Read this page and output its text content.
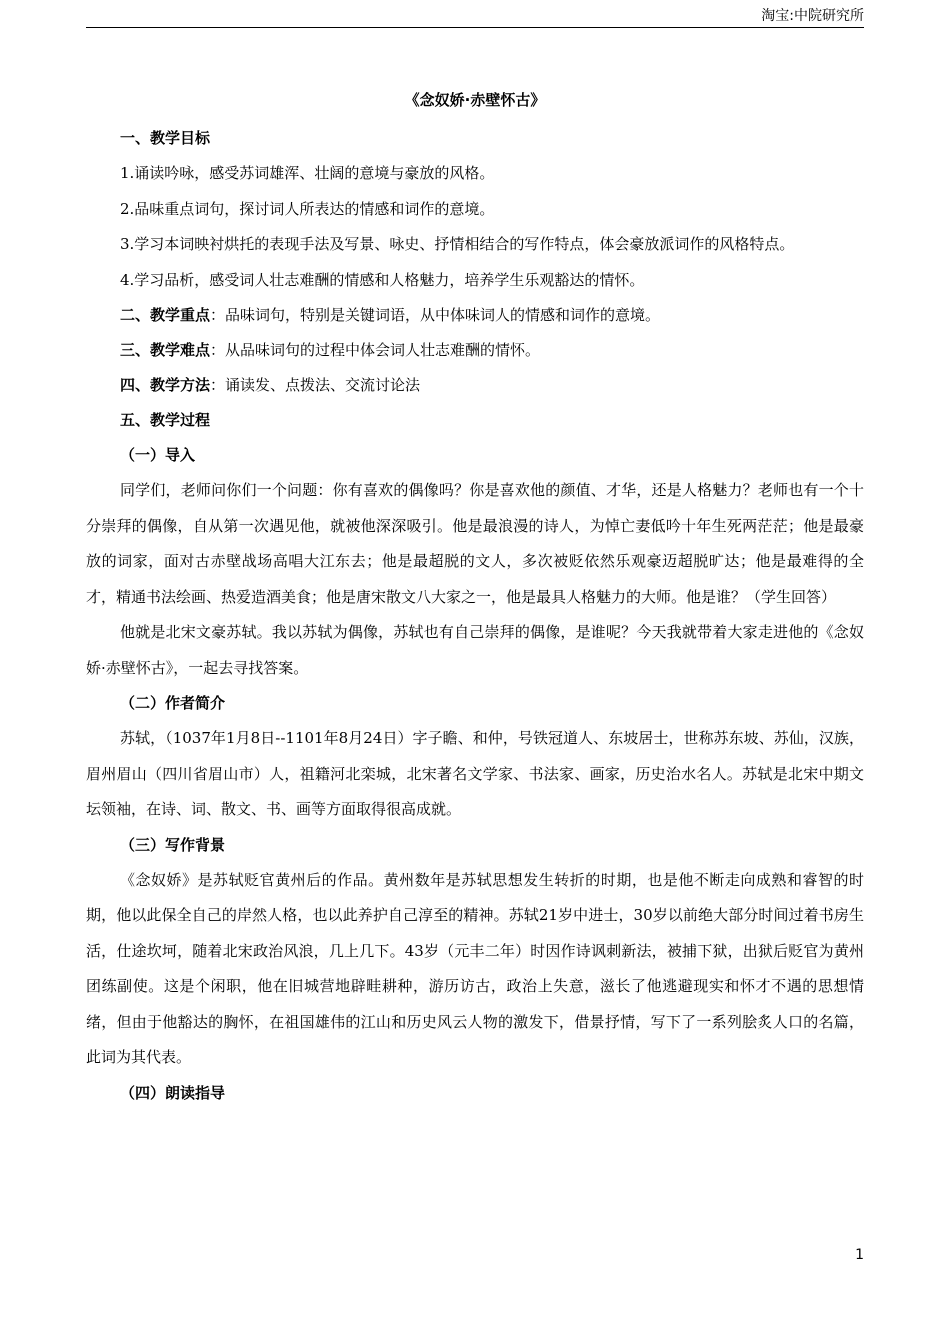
淘宝:中院研究所
《念奴娇·赤壁怀古》
一、教学目标
1.诵读吟咏，感受苏词雄浑、壮阔的意境与豪放的风格。
2.品味重点词句，探讨词人所表达的情感和词作的意境。
3.学习本词映衬烘托的表现手法及写景、咏史、抒情相结合的写作特点，体会豪放派词作的风格特点。
4.学习品析，感受词人壮志难酬的情感和人格魅力，培养学生乐观豁达的情怀。
二、教学重点：品味词句，特别是关键词语，从中体味词人的情感和词作的意境。
三、教学难点：从品味词句的过程中体会词人壮志难酬的情怀。
四、教学方法：诵读发、点拨法、交流讨论法
五、教学过程
（一）导入
同学们，老师问你们一个问题：你有喜欢的偶像吗？你是喜欢他的颜值、才华，还是人格魅力？老师也有一个十分崇拜的偶像，自从第一次遇见他，就被他深深吸引。他是最浪漫的诗人，为悼亡妻低吟十年生死两茫茫；他是最豪放的词家，面对古赤壁战场高唱大江东去；他是最超脱的文人，多次被贬依然乐观豪迈超脱旷达；他是最难得的全才，精通书法绘画、热爱造酒美食；他是唐宋散文八大家之一，他是最具人格魅力的大师。他是谁？（学生回答）
他就是北宋文豪苏轼。我以苏轼为偶像，苏轼也有自己崇拜的偶像，是谁呢？今天我就带着大家走进他的《念奴娇·赤壁怀古》，一起去寻找答案。
（二）作者简介
苏轼，（1037年1月8日--1101年8月24日）字子瞻、和仲，号铁冠道人、东坡居士，世称苏东坡、苏仙，汉族，眉州眉山（四川省眉山市）人，祖籍河北栾城，北宋著名文学家、书法家、画家，历史治水名人。苏轼是北宋中期文坛领袖，在诗、词、散文、书、画等方面取得很高成就。
（三）写作背景
《念奴娇》是苏轼贬官黄州后的作品。黄州数年是苏轼思想发生转折的时期，也是他不断走向成熟和睿智的时期，他以此保全自己的岸然人格，也以此养护自己淳至的精神。苏轼21岁中进士，30岁以前绝大部分时间过着书房生活，仕途坎坷，随着北宋政治风浪，几上几下。43岁（元丰二年）时因作诗讽刺新法，被捕下狱，出狱后贬官为黄州团练副使。这是个闲职，他在旧城营地辟畦耕种，游历访古，政治上失意，滋长了他逃避现实和怀才不遇的思想情绪，但由于他豁达的胸怀，在祖国雄伟的江山和历史风云人物的激发下，借景抒情，写下了一系列脍炙人口的名篇，此词为其代表。
（四）朗读指导
1
